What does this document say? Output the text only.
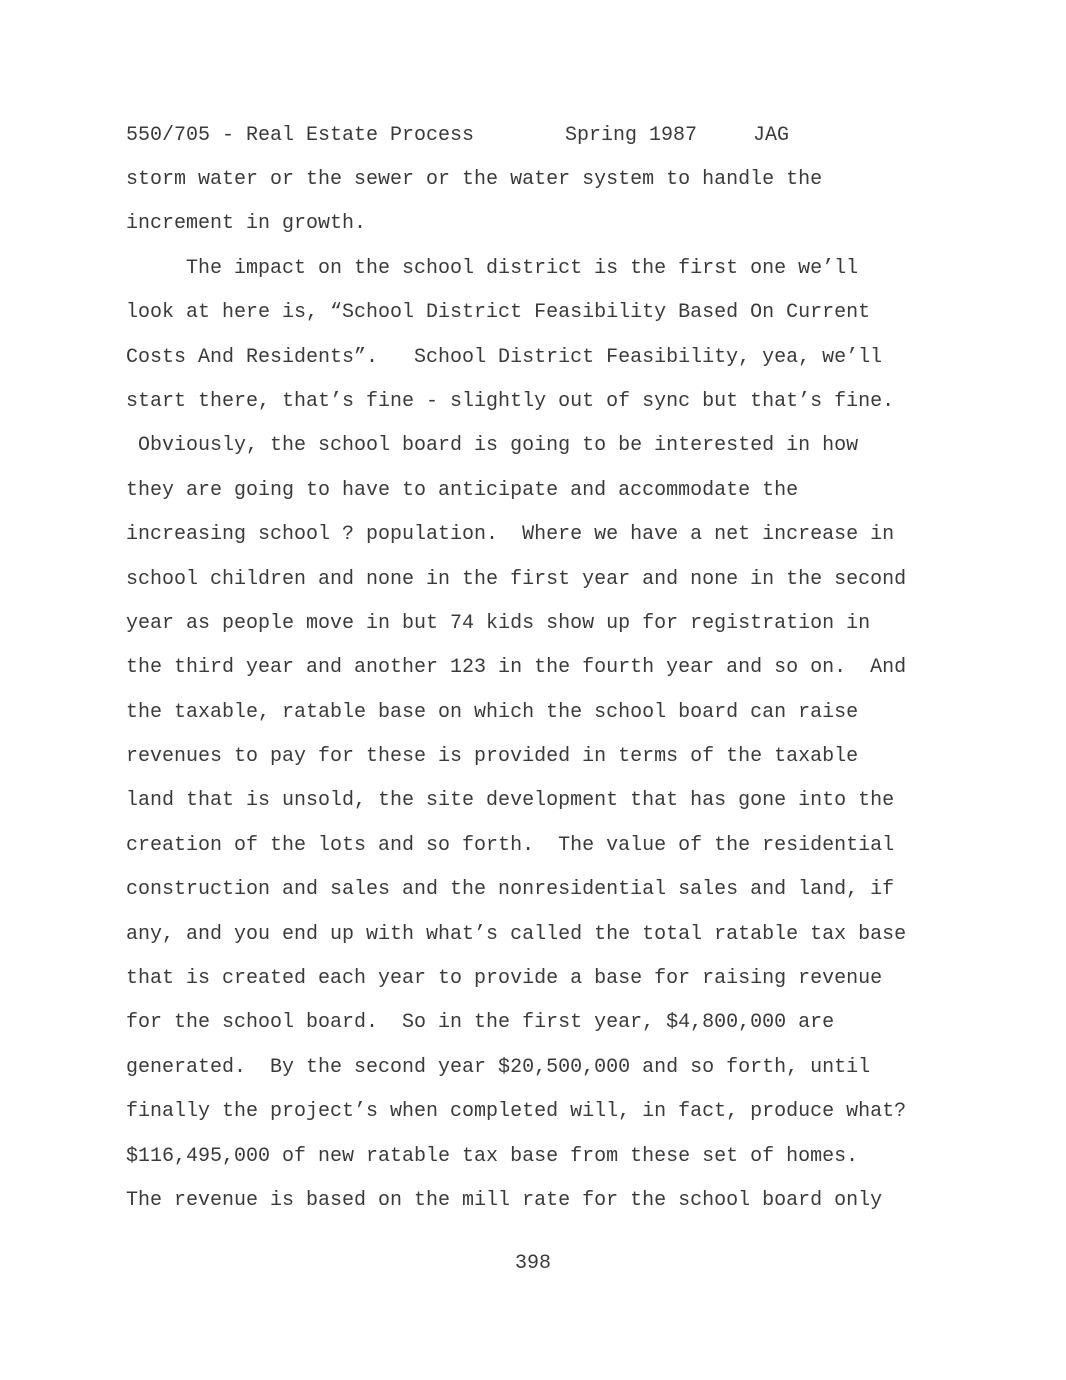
550/705 - Real Estate Process

	Spring 1987

	JAG

storm water or the sewer or the water system to handle the
increment in growth.
The impact on the school district is the first one we’ll
look at here is, “School District Feasibility Based On Current
Costs And Residents”.   School District Feasibility, yea, we’ll
start there, that’s fine - slightly out of sync but that’s fine.
Obviously, the school board is going to be interested in how
they are going to have to anticipate and accommodate the
increasing school ? population.  Where we have a net increase in
school children and none in the first year and none in the second
year as people move in but 74 kids show up for registration in
the third year and another 123 in the fourth year and so on.  And
the taxable, ratable base on which the school board can raise
revenues to pay for these is provided in terms of the taxable
land that is unsold, the site development that has gone into the
creation of the lots and so forth.  The value of the residential
construction and sales and the nonresidential sales and land, if
any, and you end up with what’s called the total ratable tax base
that is created each year to provide a base for raising revenue
for the school board.  So in the first year, $4,800,000 are
generated.  By the second year $20,500,000 and so forth, until
finally the project’s when completed will, in fact, produce what?
$116,495,000 of new ratable tax base from these set of homes.
The revenue is based on the mill rate for the school board only
398
